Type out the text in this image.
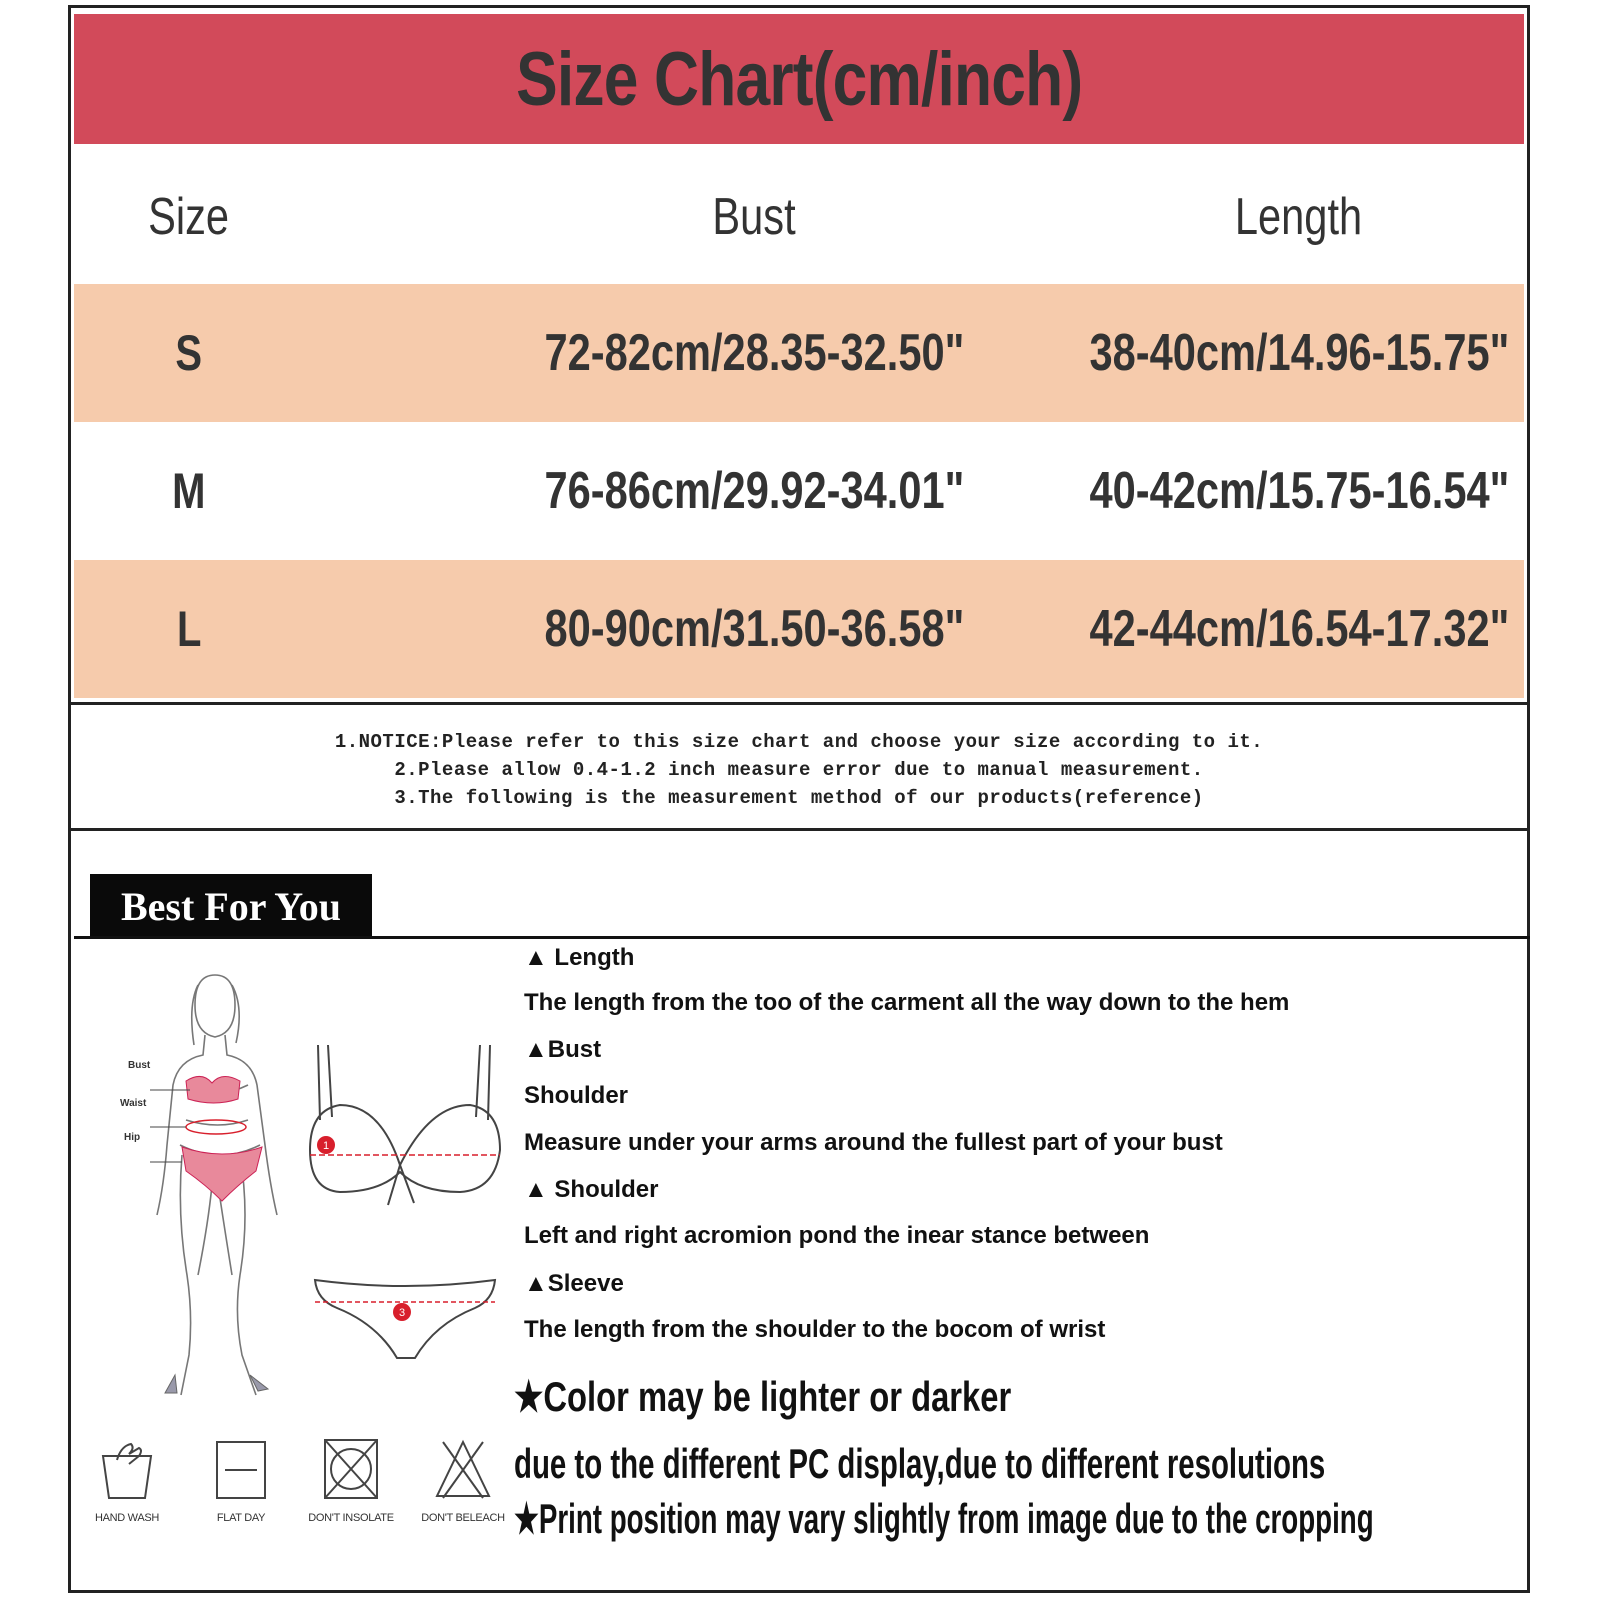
Size Chart(cm/inch)
Size	Bust	Length
S	72-82cm/28.35-32.50" 38-40cm/14.96-15.75"
M	76-86cm/29.92-34.01" 40-42cm/15.75-16.54"
L	80-90cm/31.50-36.58" 42-44cm/16.54-17.32"
1.NOTICE:Please refer to this size chart and choose your size according to it.
2.Please allow 0.4-1.2 inch measure error due to manual measurement.
3.The following is the measurement method of our products(reference)
Best For You
Bust
Waist
Hip
1
3
▲ Length
The length from the too of the carment all the way down to the hem
▲Bust
Shoulder
Measure under your arms around the fullest part of your bust
▲ Shoulder
Left and right acromion pond the inear stance between
▲Sleeve
The length from the shoulder to the bocom of wrist
★Color may be lighter or darker
due to the different PC display,due to different resolutions
★Print position may vary slightly from image due to the cropping
HAND WASH	FLAT DAY	DON'T INSOLATE	DON'T BELEACH
